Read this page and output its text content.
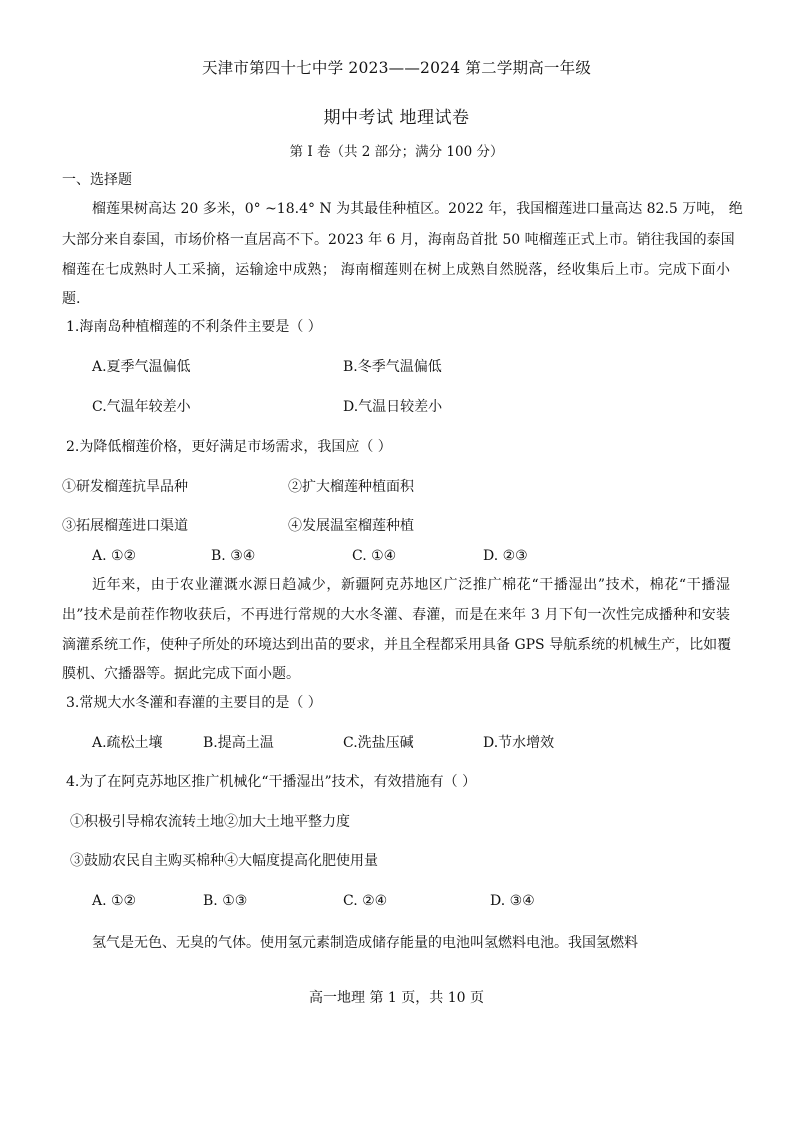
天津市第四十七中学 2023——2024 第二学期高一年级
期中考试 地理试卷
第 I 卷（共 2 部分；满分 100 分）
一、选择题
榴莲果树高达 20 多米，0° ~18.4° N 为其最佳种植区。2022 年，我国榴莲进口量高达 82.5 万吨， 绝
大部分来自泰国，市场价格一直居高不下。2023 年 6 月，海南岛首批 50 吨榴莲正式上市。销往我国的泰国
榴莲在七成熟时人工采摘，运输途中成熟； 海南榴莲则在树上成熟自然脱落，经收集后上市。完成下面小
题.
1.海南岛种植榴莲的不利条件主要是（ ）
A.夏季气温偏低	B.冬季气温偏低
C.气温年较差小	D.气温日较差小
2.为降低榴莲价格，更好满足市场需求，我国应（ ）
①研发榴莲抗旱品种	②扩大榴莲种植面积
③拓展榴莲进口渠道	④发展温室榴莲种植
A. ①②	B. ③④	C. ①④	D. ②③
近年来，由于农业灌溉水源日趋减少，新疆阿克苏地区广泛推广棉花“干播湿出”技术，棉花“干播湿
出”技术是前茬作物收获后，不再进行常规的大水冬灌、春灌，而是在来年 3 月下旬一次性完成播种和安装
滴灌系统工作，使种子所处的环境达到出苗的要求，并且全程都采用具备 GPS 导航系统的机械生产，比如覆
膜机、穴播器等。据此完成下面小题。
3.常规大水冬灌和春灌的主要目的是（ ）
A.疏松土壤	B.提高土温	C.洗盐压碱	D.节水增效
4.为了在阿克苏地区推广机械化“干播湿出”技术，有效措施有（ ）
①积极引导棉农流转土地②加大土地平整力度
③鼓励农民自主购买棉种④大幅度提高化肥使用量
A. ①②	B. ①③	C. ②④	D. ③④
氢气是无色、无臭的气体。使用氢元素制造成储存能量的电池叫氢燃料电池。我国氢燃料
高一地理 第 1 页，共 10 页
